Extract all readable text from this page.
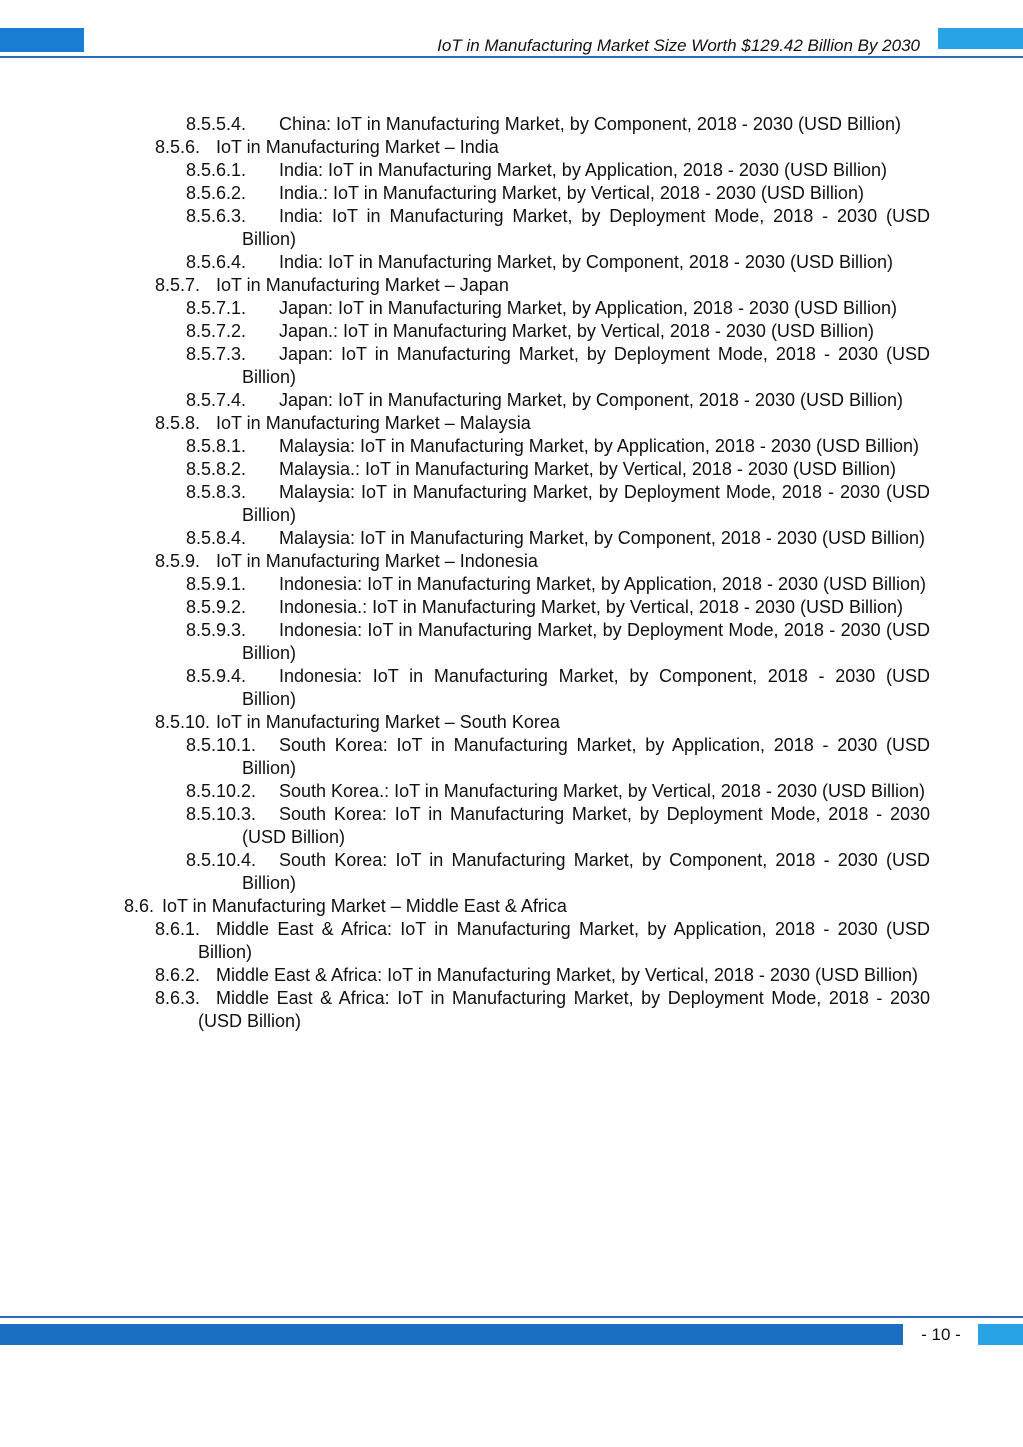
IoT in Manufacturing Market Size Worth $129.42 Billion By 2030
8.5.5.4.	China: IoT in Manufacturing Market, by Component, 2018 - 2030 (USD Billion)
8.5.6. IoT in Manufacturing Market – India
8.5.6.1.	India: IoT in Manufacturing Market, by Application, 2018 - 2030 (USD Billion)
8.5.6.2.	India.: IoT in Manufacturing Market, by Vertical, 2018 - 2030 (USD Billion)
8.5.6.3.	India: IoT in Manufacturing Market, by Deployment Mode, 2018 - 2030 (USD Billion)
8.5.6.4.	India: IoT in Manufacturing Market, by Component, 2018 - 2030 (USD Billion)
8.5.7. IoT in Manufacturing Market – Japan
8.5.7.1.	Japan: IoT in Manufacturing Market, by Application, 2018 - 2030 (USD Billion)
8.5.7.2.	Japan.: IoT in Manufacturing Market, by Vertical, 2018 - 2030 (USD Billion)
8.5.7.3.	Japan: IoT in Manufacturing Market, by Deployment Mode, 2018 - 2030 (USD Billion)
8.5.7.4.	Japan: IoT in Manufacturing Market, by Component, 2018 - 2030 (USD Billion)
8.5.8. IoT in Manufacturing Market – Malaysia
8.5.8.1.	Malaysia: IoT in Manufacturing Market, by Application, 2018 - 2030 (USD Billion)
8.5.8.2.	Malaysia.: IoT in Manufacturing Market, by Vertical, 2018 - 2030 (USD Billion)
8.5.8.3.	Malaysia: IoT in Manufacturing Market, by Deployment Mode, 2018 - 2030 (USD Billion)
8.5.8.4.	Malaysia: IoT in Manufacturing Market, by Component, 2018 - 2030 (USD Billion)
8.5.9. IoT in Manufacturing Market – Indonesia
8.5.9.1.	Indonesia: IoT in Manufacturing Market, by Application, 2018 - 2030 (USD Billion)
8.5.9.2.	Indonesia.: IoT in Manufacturing Market, by Vertical, 2018 - 2030 (USD Billion)
8.5.9.3.	Indonesia: IoT in Manufacturing Market, by Deployment Mode, 2018 - 2030 (USD Billion)
8.5.9.4.	Indonesia: IoT in Manufacturing Market, by Component, 2018 - 2030 (USD Billion)
8.5.10. IoT in Manufacturing Market – South Korea
8.5.10.1.	South Korea: IoT in Manufacturing Market, by Application, 2018 - 2030 (USD Billion)
8.5.10.2.	South Korea.: IoT in Manufacturing Market, by Vertical, 2018 - 2030 (USD Billion)
8.5.10.3.	South Korea: IoT in Manufacturing Market, by Deployment Mode, 2018 - 2030 (USD Billion)
8.5.10.4.	South Korea: IoT in Manufacturing Market, by Component, 2018 - 2030 (USD Billion)
8.6. IoT in Manufacturing Market – Middle East & Africa
8.6.1. Middle East & Africa: IoT in Manufacturing Market, by Application, 2018 - 2030 (USD Billion)
8.6.2. Middle East & Africa: IoT in Manufacturing Market, by Vertical, 2018 - 2030 (USD Billion)
8.6.3. Middle East & Africa: IoT in Manufacturing Market, by Deployment Mode, 2018 - 2030 (USD Billion)
- 10 -
